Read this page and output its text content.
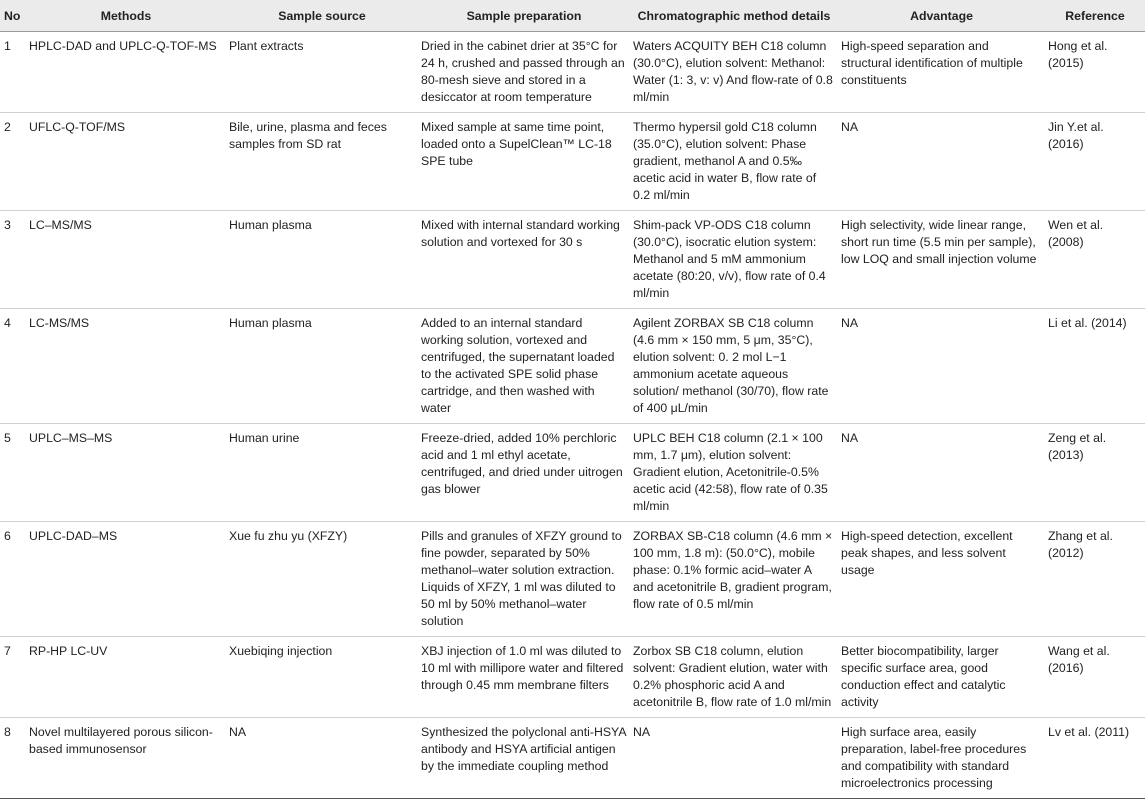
No	Methods	Sample source	Sample preparation	Chromatographic method details	Advantage	Reference
1	HPLC-DAD and UPLC-Q-TOF-MS	Plant extracts	Dried in the cabinet drier at 35°C for 24 h, crushed and passed through an 80-mesh sieve and stored in a desiccator at room temperature	Waters ACQUITY BEH C18 column (30.0°C), elution solvent: Methanol: Water (1: 3, v: v) And flow-rate of 0.8 ml/min	High-speed separation and structural identification of multiple constituents	Hong et al. (2015)
2	UFLC-Q-TOF/MS	Bile, urine, plasma and feces samples from SD rat	Mixed sample at same time point, loaded onto a SupelClean™ LC-18 SPE tube	Thermo hypersil gold C18 column (35.0°C), elution solvent: Phase gradient, methanol A and 0.5‰ acetic acid in water B, flow rate of 0.2 ml/min	NA	Jin Y.et al. (2016)
3	LC–MS/MS	Human plasma	Mixed with internal standard working solution and vortexed for 30 s	Shim-pack VP-ODS C18 column (30.0°C), isocratic elution system: Methanol and 5 mM ammonium acetate (80:20, v/v), flow rate of 0.4 ml/min	High selectivity, wide linear range, short run time (5.5 min per sample), low LOQ and small injection volume	Wen et al. (2008)
4	LC-MS/MS	Human plasma	Added to an internal standard working solution, vortexed and centrifuged, the supernatant loaded to the activated SPE solid phase cartridge, and then washed with water	Agilent ZORBAX SB C18 column (4.6 mm × 150 mm, 5 μm, 35°C), elution solvent: 0. 2 mol L−1 ammonium acetate aqueous solution/ methanol (30/70), flow rate of 400 μL/min	NA	Li et al. (2014)
5	UPLC–MS–MS	Human urine	Freeze-dried, added 10% perchloric acid and 1 ml ethyl acetate, centrifuged, and dried under uitrogen gas blower	UPLC BEH C18 column (2.1 × 100 mm, 1.7 μm), elution solvent: Gradient elution, Acetonitrile-0.5% acetic acid (42:58), flow rate of 0.35 ml/min	NA	Zeng et al. (2013)
6	UPLC-DAD–MS	Xue fu zhu yu (XFZY)	Pills and granules of XFZY ground to fine powder, separated by 50% methanol–water solution extraction. Liquids of XFZY, 1 ml was diluted to 50 ml by 50% methanol–water solution	ZORBAX SB-C18 column (4.6 mm × 100 mm, 1.8 m): (50.0°C), mobile phase: 0.1% formic acid–water A and acetonitrile B, gradient program, flow rate of 0.5 ml/min	High-speed detection, excellent peak shapes, and less solvent usage	Zhang et al. (2012)
7	RP-HP LC-UV	Xuebiqing injection	XBJ injection of 1.0 ml was diluted to 10 ml with millipore water and filtered through 0.45 mm membrane filters	Zorbox SB C18 column, elution solvent: Gradient elution, water with 0.2% phosphoric acid A and acetonitrile B, flow rate of 1.0 ml/min	Better biocompatibility, larger specific surface area, good conduction effect and catalytic activity	Wang et al. (2016)
8	Novel multilayered porous silicon-based immunosensor	NA	Synthesized the polyclonal anti-HSYA antibody and HSYA artificial antigen by the immediate coupling method	NA	High surface area, easily preparation, label-free procedures and compatibility with standard microelectronics processing	Lv et al. (2011)
